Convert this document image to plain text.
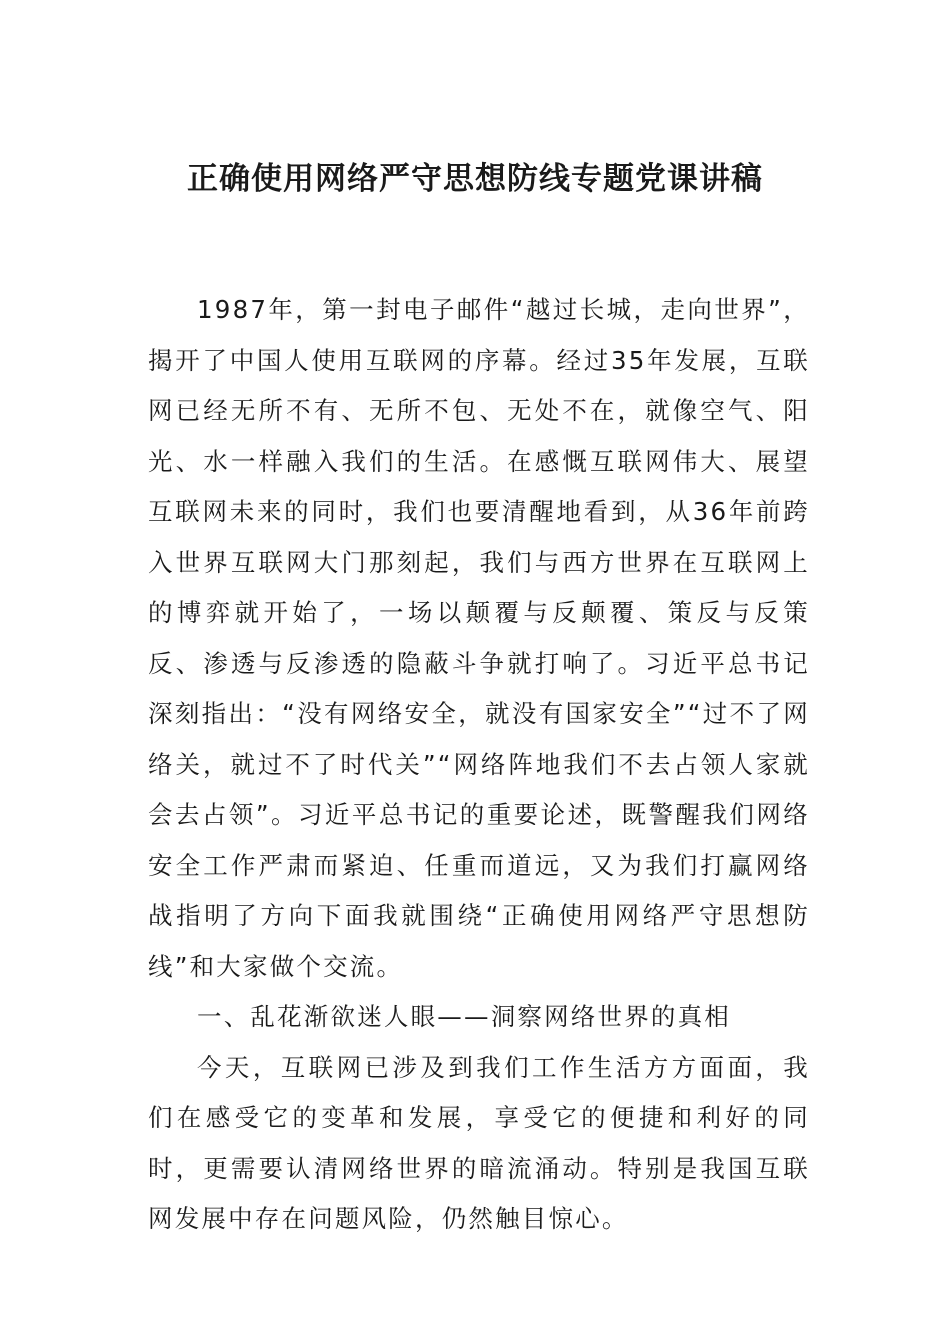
正确使用网络严守思想防线专题党课讲稿

1987年，第一封电子邮件“越过长城，走向世界”，揭开了中国人使用互联网的序幕。经过35年发展，互联网已经无所不有、无所不包、无处不在，就像空气、阳光、水一样融入我们的生活。在感慨互联网伟大、展望互联网未来的同时，我们也要清醒地看到，从36年前跨入世界互联网大门那刻起，我们与西方世界在互联网上的博弈就开始了，一场以颠覆与反颠覆、策反与反策反、渗透与反渗透的隐蔽斗争就打响了。习近平总书记深刻指出：“没有网络安全，就没有国家安全”“过不了网络关，就过不了时代关”“网络阵地我们不去占领人家就会去占领”。习近平总书记的重要论述，既警醒我们网络安全工作严肃而紧迫、任重而道远，又为我们打赢网络战指明了方向下面我就围绕“正确使用网络严守思想防线”和大家做个交流。

一、乱花渐欲迷人眼——洞察网络世界的真相

今天，互联网已涉及到我们工作生活方方面面，我们在感受它的变革和发展，享受它的便捷和利好的同时，更需要认清网络世界的暗流涌动。特别是我国互联网发展中存在问题风险，仍然触目惊心。
